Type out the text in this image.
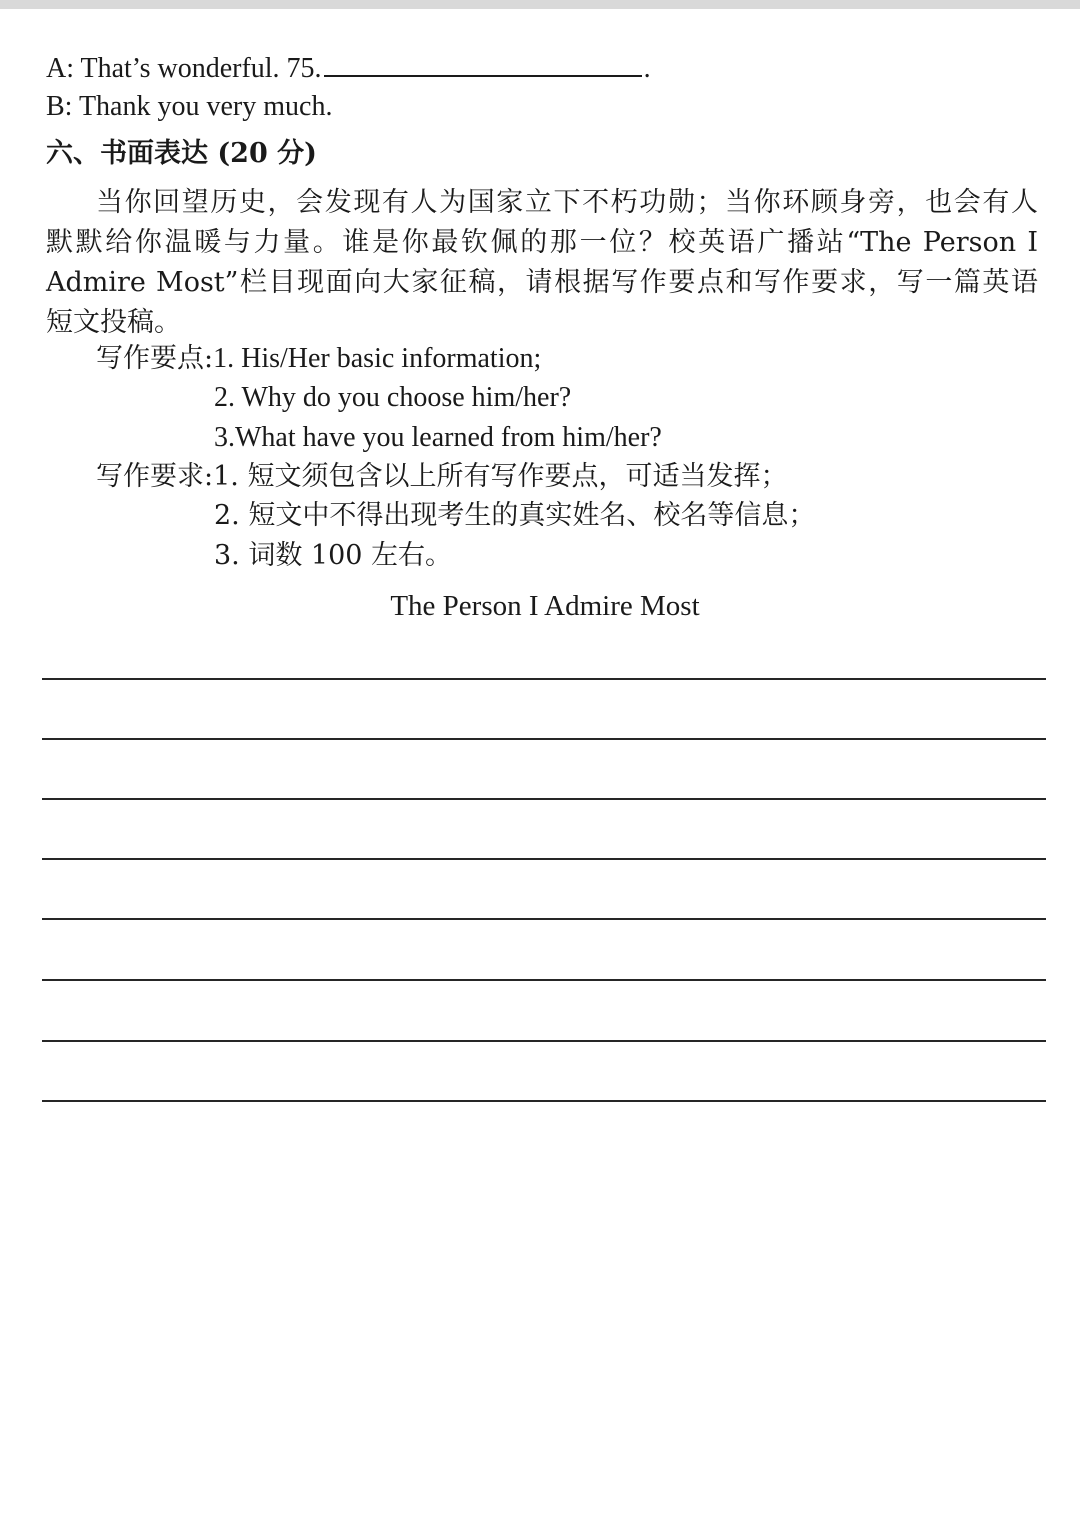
A: That’s wonderful. 75.	.
B: Thank you very much.
六、书面表达 (20 分)
当你回望历史，会发现有人为国家立下不朽功勋；当你环顾身旁，也会有人
默默给你温暖与力量。谁是你最钦佩的那一位？校英语广播站“The Person I
Admire Most”栏目现面向大家征稿，请根据写作要点和写作要求，写一篇英语
短文投稿。
写作要点:1. His/Her basic information;
2. Why do you choose him/her?
3.What have you learned from him/her?
写作要求:1. 短文须包含以上所有写作要点，可适当发挥；
2. 短文中不得出现考生的真实姓名、校名等信息；
3. 词数 100 左右。
The Person I Admire Most
